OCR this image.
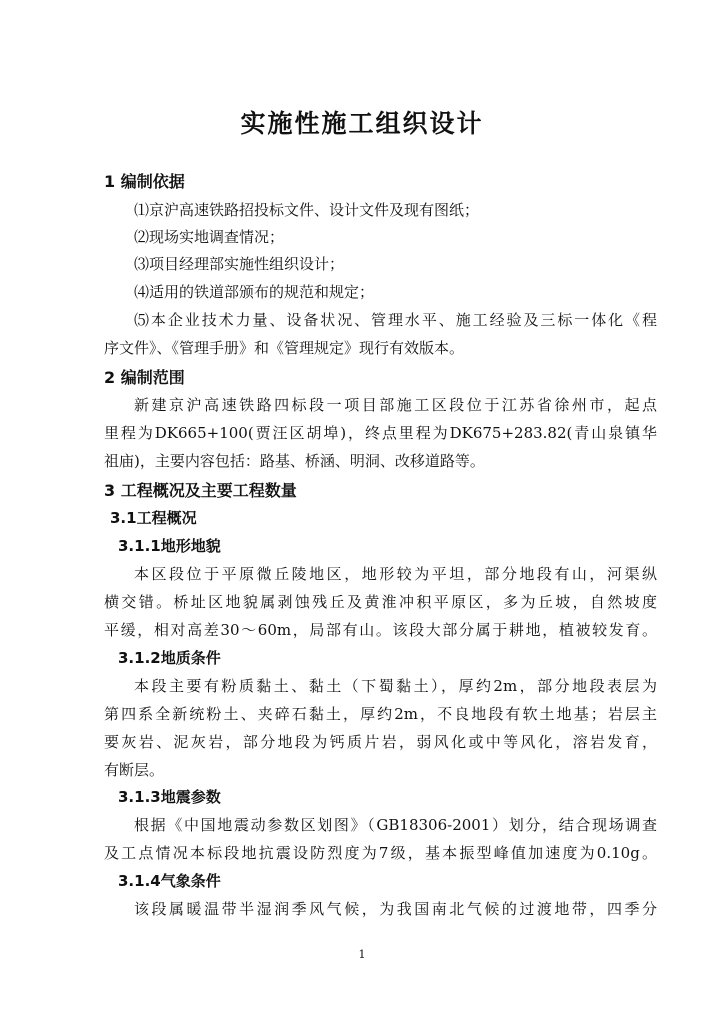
实施性施工组织设计
1 编制依据
⑴京沪高速铁路招投标文件、设计文件及现有图纸；
⑵现场实地调查情况；
⑶项目经理部实施性组织设计；
⑷适用的铁道部颁布的规范和规定；
⑸本企业技术力量、设备状况、管理水平、施工经验及三标一体化《程
序文件》、《管理手册》和《管理规定》现行有效版本。
2 编制范围
新建京沪高速铁路四标段一项目部施工区段位于江苏省徐州市，起点
里程为DK665+100(贾汪区胡埠)，终点里程为DK675+283.82(青山泉镇华
祖庙)，主要内容包括：路基、桥涵、明洞、改移道路等。
3 工程概况及主要工程数量
3.1工程概况
3.1.1地形地貌
本区段位于平原微丘陵地区，地形较为平坦，部分地段有山，河渠纵
横交错。桥址区地貌属剥蚀残丘及黄淮冲积平原区，多为丘坡，自然坡度
平缓，相对高差30～60m，局部有山。该段大部分属于耕地，植被较发育。
3.1.2地质条件
本段主要有粉质黏土、黏土（下蜀黏土），厚约2m，部分地段表层为
第四系全新统粉土、夹碎石黏土，厚约2m，不良地段有软土地基；岩层主
要灰岩、泥灰岩，部分地段为钙质片岩，弱风化或中等风化，溶岩发育，
有断层。
3.1.3地震参数
根据《中国地震动参数区划图》（GB18306-2001）划分，结合现场调查
及工点情况本标段地抗震设防烈度为7级，基本振型峰值加速度为0.10g。
3.1.4气象条件
该段属暖温带半湿润季风气候，为我国南北气候的过渡地带，四季分
1
